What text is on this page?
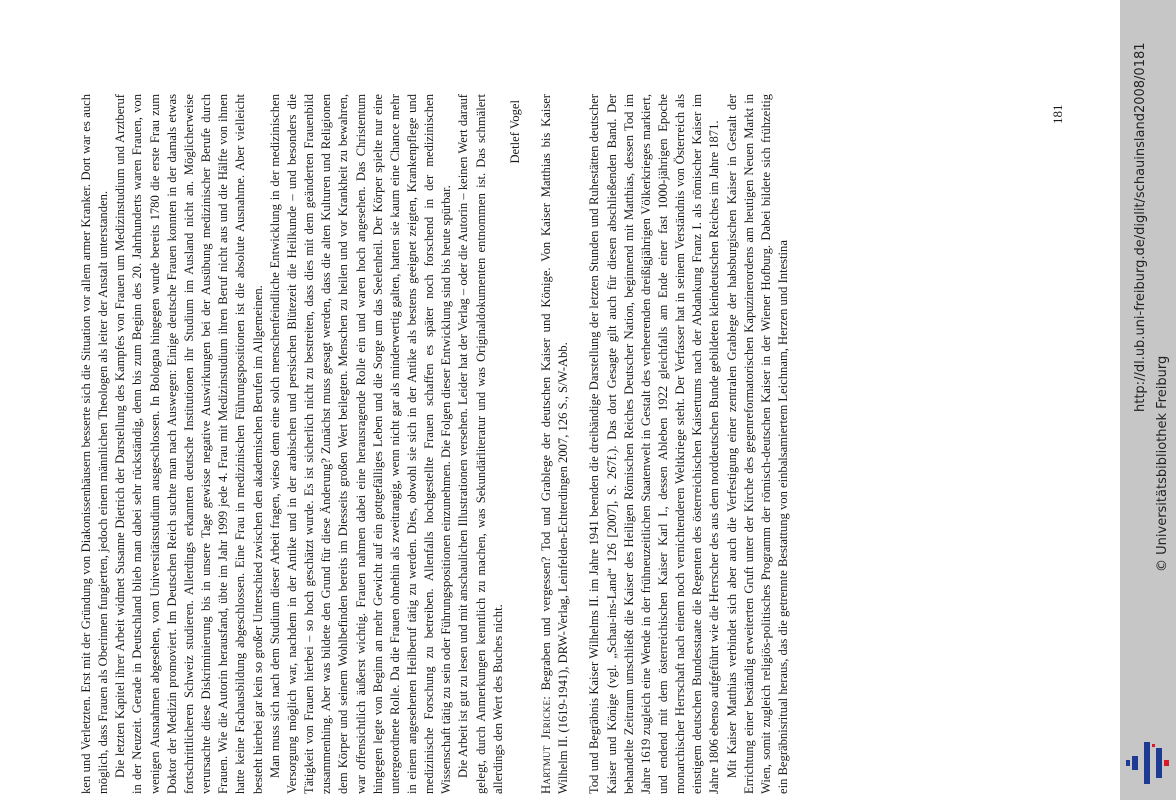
ken und Verletzten. Erst mit der Gründung von Diakonissenhäusern besserte sich die Situation vor allem armer Kranker. Dort war es auch möglich, dass Frauen als Oberinnen fungierten, jedoch einem männlichen Theologen als leiter der Anstalt unterstanden. Die letzten Kapitel ihrer Arbeit widmet Susanne Dietrich der Darstellung des Kampfes von Frauen um Medizinstudium und Arztberuf in der Neuzeit. Gerade in Deutschland blieb man dabei sehr rückständig, denn bis zum Beginn des 20. Jahrhunderts waren Frauen, von wenigen Ausnahmen abgesehen, vom Universitätsstudium ausgeschlossen. In Bologna hingegen wurde bereits 1780 die erste Frau zum Doktor der Medizin promoviert. Im Deutschen Reich suchte man nach Auswegen: Einige deutsche Frauen konnten in der damals etwas fortschrittlicheren Schweiz studieren. Allerdings erkannten deutsche Institutionen ihr Studium im Ausland nicht an. Möglicherweise verursachte diese Diskriminierung bis in unsere Tage gewisse negative Auswirkungen bei der Ausübung medizinischer Berufe durch Frauen. Wie die Autorin herausfand, übte im Jahr 1999 jede 4. Frau mit Medizinstudium ihren Beruf nicht aus und die Hälfte von ihnen hatte keine Fachausbildung abgeschlossen. Eine Frau in medizinischen Führungspositionen ist die absolute Ausnahme. Aber vielleicht besteht hierbei gar kein so großer Unterschied zwischen den akademischen Berufen im Allgemeinen. Man muss sich nach dem Studium dieser Arbeit fragen, wieso denn eine solch menschenfeindliche Entwicklung in der medizinischen Versorgung möglich war, nachdem in der Antike und in der arabischen und persischen Blütezeit die Heilkunde – und besonders die Tätigkeit von Frauen hierbei – so hoch geschätzt wurde. Es ist sicherlich nicht zu bestreiten, dass dies mit dem geänderten Frauenbild zusammenhing. Aber was bildete den Grund für diese Änderung? Zunächst muss gesagt werden, dass die alten Kulturen und Religionen dem Körper und seinem Wohlbefinden bereits im Diesseits großen Wert beilegten. Menschen zu heilen und vor Krankheit zu bewahren, war offensichtlich äußerst wichtig. Frauen nahmen dabei eine herausragende Rolle ein und waren hoch angesehen. Das Christentum hingegen legte von Beginn an mehr Gewicht auf ein gottgefälliges Leben und die Sorge um das Seelenheil. Der Körper spielte nur eine untergeordnete Rolle. Da die Frauen ohnehin als zweitrangig, wenn nicht gar als minderwertig galten, hatten sie kaum eine Chance mehr in einem angesehenen Heilberuf tätig zu werden. Dies, obwohl sie sich in der Antike als bestens geeignet zeigten, Krankenpflege und medizinische Forschung zu betreiben. Allenfalls hochgestellte Frauen schaffen es später noch forschend in der medizinischen Wissenschaft tätig zu sein oder Führungspositionen einzunehmen. Die Folgen dieser Entwicklung sind bis heute spürbar. Die Arbeit ist gut zu lesen und mit anschaulichen Illustrationen versehen. Leider hat der Verlag – oder die Autorin – keinen Wert darauf gelegt, durch Anmerkungen kenntlich zu machen, was Sekundärliteratur und was Originaldokumenten entnommen ist. Das schmälert allerdings den Wert des Buches nicht.

Detlef Vogel

Hartmut Jericke: Begraben und vergessen? Tod und Grablege der deutschen Kaiser und Könige. Von Kaiser Matthias bis Kaiser Wilhelm II. (1619-1941), DRW-Verlag, Leinfelden-Echterdingen 2007, 126 S., S/W-Abb. Tod und Begräbnis Kaiser Wilhelms II. im Jahre 1941 beenden die dreibändige Darstellung der letzten Stunden und Ruhestätten deutscher Kaiser und Könige (vgl. „Schau-ins-Land“ 126 [2007], S. 267f.). Das dort Gesagte gilt auch für diesen abschließenden Band. Der behandelte Zeitraum umschließt die Kaiser des Heiligen Römischen Reiches Deutscher Nation, beginnend mit Matthias, dessen Tod im Jahre 1619 zugleich eine Wende in der frühneuzeitlichen Staatenwelt in Gestalt des verheerenden dreißigjährigen Völkerkrieges markiert, und endend mit dem österreichischen Kaiser Karl I., dessen Ableben 1922 gleichfalls am Ende einer fast 1000-jährigen Epoche monarchischer Herrschaft nach einem noch vernichtenderen Weltkriege steht. Der Verfasser hat in seinem Verständnis von Österreich als einstigem deutschen Bundesstaate die Regenten des österreichischen Kaisertums nach der Abdankung Franz I. als römischer Kaiser im Jahre 1806 ebenso aufgeführt wie die Herrscher des aus dem norddeutschen Bunde gebildeten kleindeutschen Reiches im Jahre 1871. Mit Kaiser Matthias verbindet sich aber auch die Verfestigung einer zentralen Grablege der habsburgischen Kaiser in Gestalt der Errichtung einer beständig erweiterten Gruft unter der Kirche des gegenreformatorischen Kapuzinerordens am heutigen Neuen Markt in Wien, somit zugleich religiös-politisches Programm der römisch-deutschen Kaiser in der Wiener Hofburg. Dabei bildete sich frühzeitig ein Begräbnisritual heraus, das die getrennte Bestattung von einbalsamiertem Leichnam, Herzen und Intestina

181	http://dl.ub.uni-freiburg.de/diglit/schauinsland2008/0181
© Universitätsbibliothek Freiburg
